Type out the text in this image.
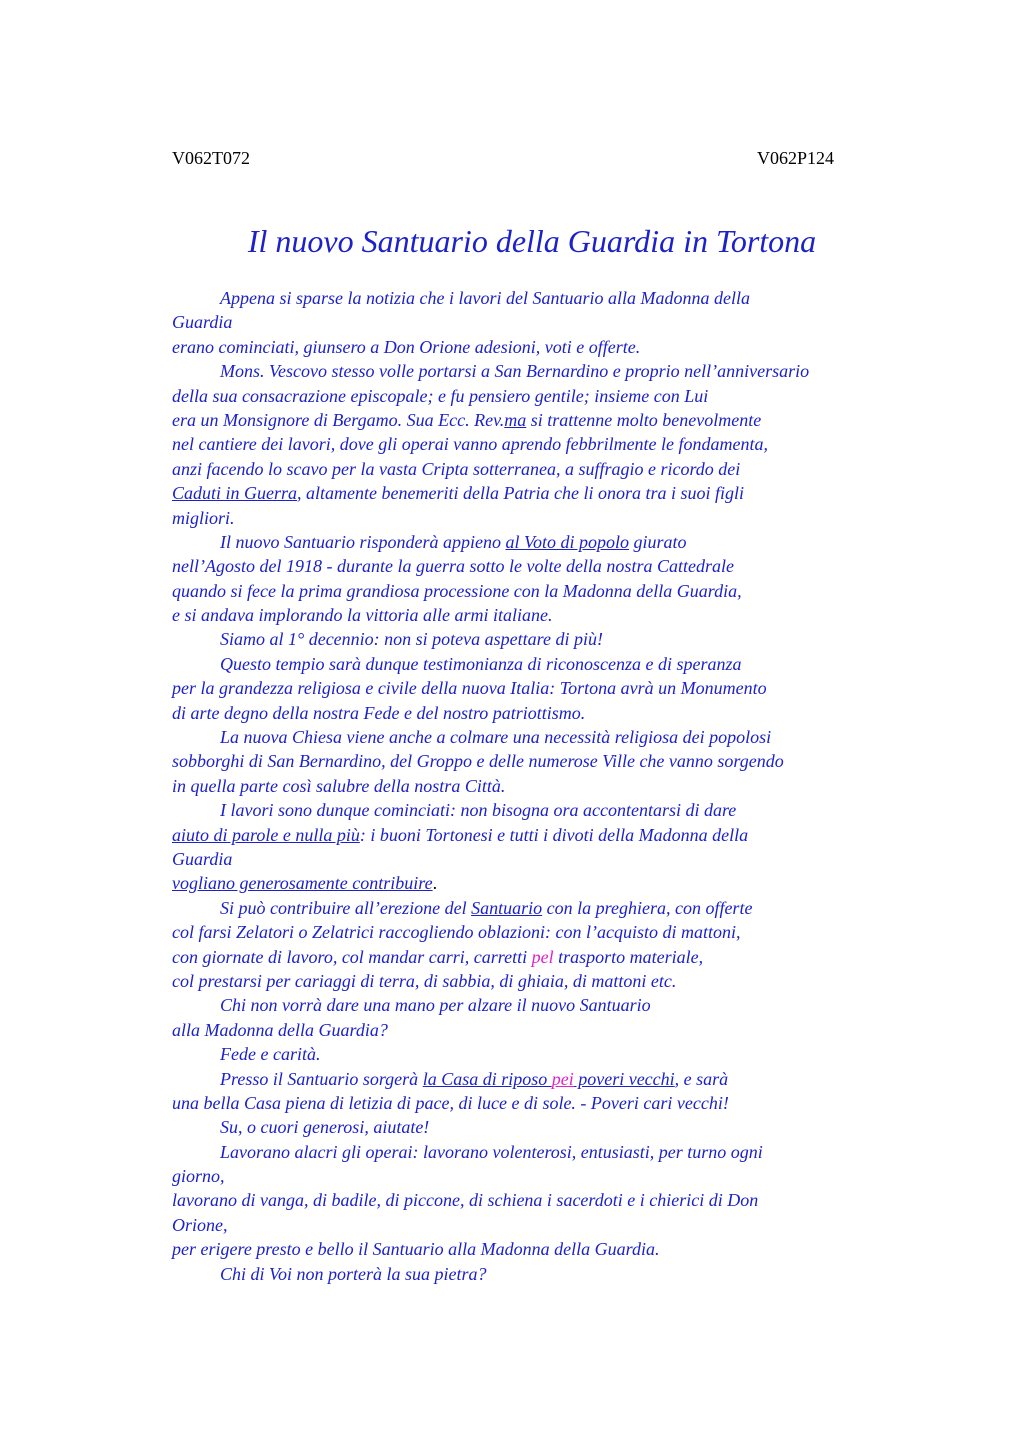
V062T072	V062P124
Il nuovo Santuario della Guardia in Tortona
Appena si sparse la notizia che i lavori del Santuario alla Madonna della
Guardia
erano cominciati, giunsero a Don Orione adesioni, voti e offerte.
Mons. Vescovo stesso volle portarsi a San Bernardino e proprio nell’anniversario
della sua consacrazione episcopale; e fu pensiero gentile; insieme con Lui
era un Monsignore di Bergamo. Sua Ecc. Rev.ma si trattenne molto benevolmente
nel cantiere dei lavori, dove gli operai vanno aprendo febbrilmente le fondamenta,
anzi facendo lo scavo per la vasta Cripta sotterranea, a suffragio e ricordo dei
Caduti in Guerra, altamente benemeriti della Patria che li onora tra i suoi figli
migliori.
Il nuovo Santuario risponderà appieno al Voto di popolo giurato
nell’Agosto del 1918 - durante la guerra sotto le volte della nostra Cattedrale
quando si fece la prima grandiosa processione con la Madonna della Guardia,
e si andava implorando la vittoria alle armi italiane.
Siamo al 1° decennio: non si poteva aspettare di più!
Questo tempio sarà dunque testimonianza di riconoscenza e di speranza
per la grandezza religiosa e civile della nuova Italia: Tortona avrà un Monumento
di arte degno della nostra Fede e del nostro patriottismo.
La nuova Chiesa viene anche a colmare una necessità religiosa dei popolosi
sobborghi di San Bernardino, del Groppo e delle numerose Ville che vanno sorgendo
in quella parte così salubre della nostra Città.
I lavori sono dunque cominciati: non bisogna ora accontentarsi di dare
aiuto di parole e nulla più: i buoni Tortonesi e tutti i divoti della Madonna della
Guardia
vogliano generosamente contribuire.
Si può contribuire all’erezione del Santuario con la preghiera, con offerte
col farsi Zelatori o Zelatrici raccogliendo oblazioni: con l’acquisto di mattoni,
con giornate di lavoro, col mandar carri, carretti pel trasporto materiale,
col prestarsi per cariaggi di terra, di sabbia, di ghiaia, di mattoni etc.
Chi non vorrà dare una mano per alzare il nuovo Santuario
alla Madonna della Guardia?
Fede e carità.
Presso il Santuario sorgerà la Casa di riposo pei poveri vecchi, e sarà
una bella Casa piena di letizia di pace, di luce e di sole. - Poveri cari vecchi!
Su, o cuori generosi, aiutate!
Lavorano alacri gli operai: lavorano volenterosi, entusiasti, per turno ogni
giorno,
lavorano di vanga, di badile, di piccone, di schiena i sacerdoti e i chierici di Don
Orione,
per erigere presto e bello il Santuario alla Madonna della Guardia.
Chi di Voi non porterà la sua pietra?
